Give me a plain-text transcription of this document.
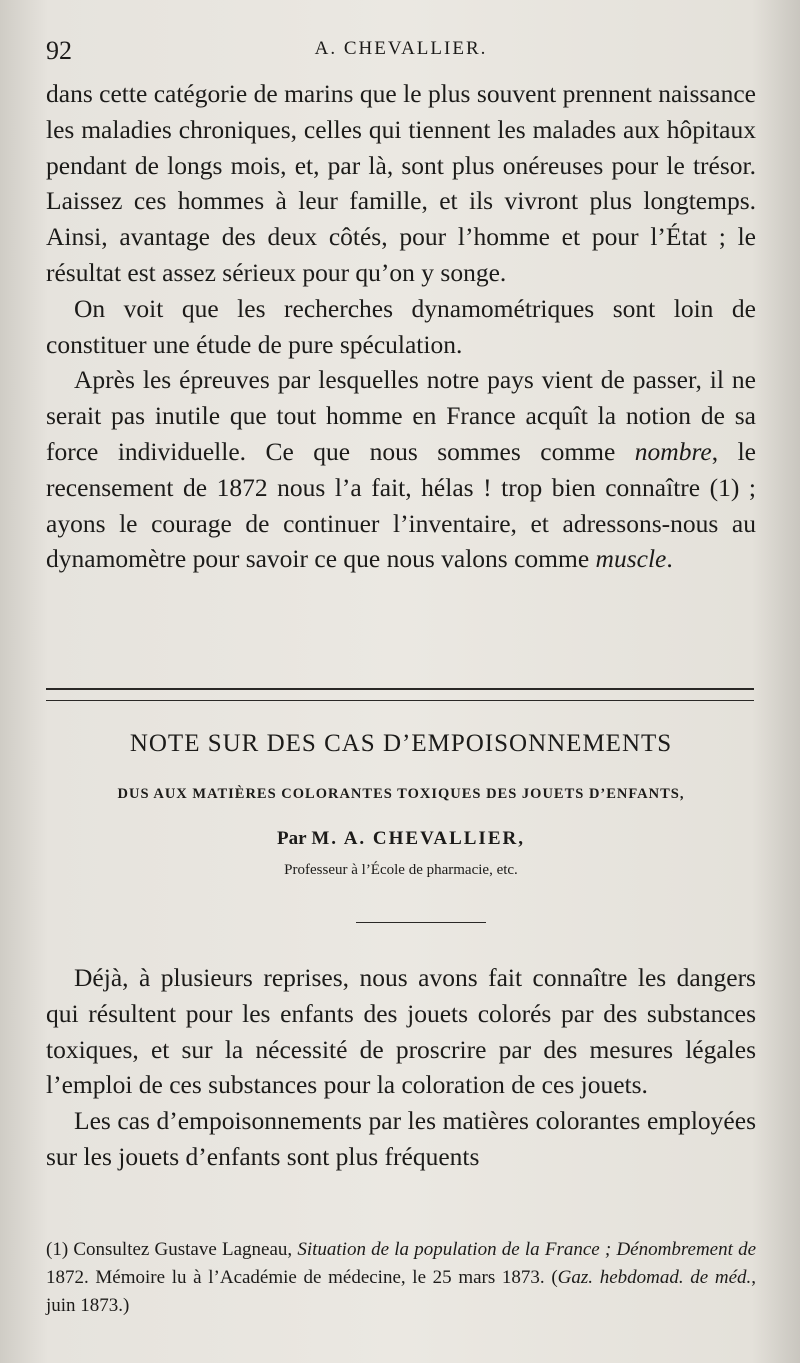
92	A. CHEVALLIER.

dans cette catégorie de marins que le plus souvent prennent naissance les maladies chroniques, celles qui tiennent les malades aux hôpitaux pendant de longs mois, et, par là, sont plus onéreuses pour le trésor. Laissez ces hommes à leur famille, et ils vivront plus longtemps. Ainsi, avantage des deux côtés, pour l’homme et pour l’État ; le résultat est assez sérieux pour qu’on y songe.

On voit que les recherches dynamométriques sont loin de constituer une étude de pure spéculation.

Après les épreuves par lesquelles notre pays vient de passer, il ne serait pas inutile que tout homme en France acquît la notion de sa force individuelle. Ce que nous sommes comme nombre, le recensement de 1872 nous l’a fait, hélas ! trop bien connaître (1) ; ayons le courage de continuer l’inventaire, et adressons-nous au dynamomètre pour savoir ce que nous valons comme muscle.

NOTE SUR DES CAS D’EMPOISONNEMENTS
DUS AUX MATIÈRES COLORANTES TOXIQUES DES JOUETS D’ENFANTS,
Par M. A. CHEVALLIER,
Professeur à l’École de pharmacie, etc.

Déjà, à plusieurs reprises, nous avons fait connaître les dangers qui résultent pour les enfants des jouets colorés par des substances toxiques, et sur la nécessité de proscrire par des mesures légales l’emploi de ces substances pour la coloration de ces jouets.

Les cas d’empoisonnements par les matières colorantes employées sur les jouets d’enfants sont plus fréquents

(1) Consultez Gustave Lagneau, Situation de la population de la France ; Dénombrement de 1872. Mémoire lu à l’Académie de médecine, le 25 mars 1873. (Gaz. hebdomad. de méd., juin 1873.)
